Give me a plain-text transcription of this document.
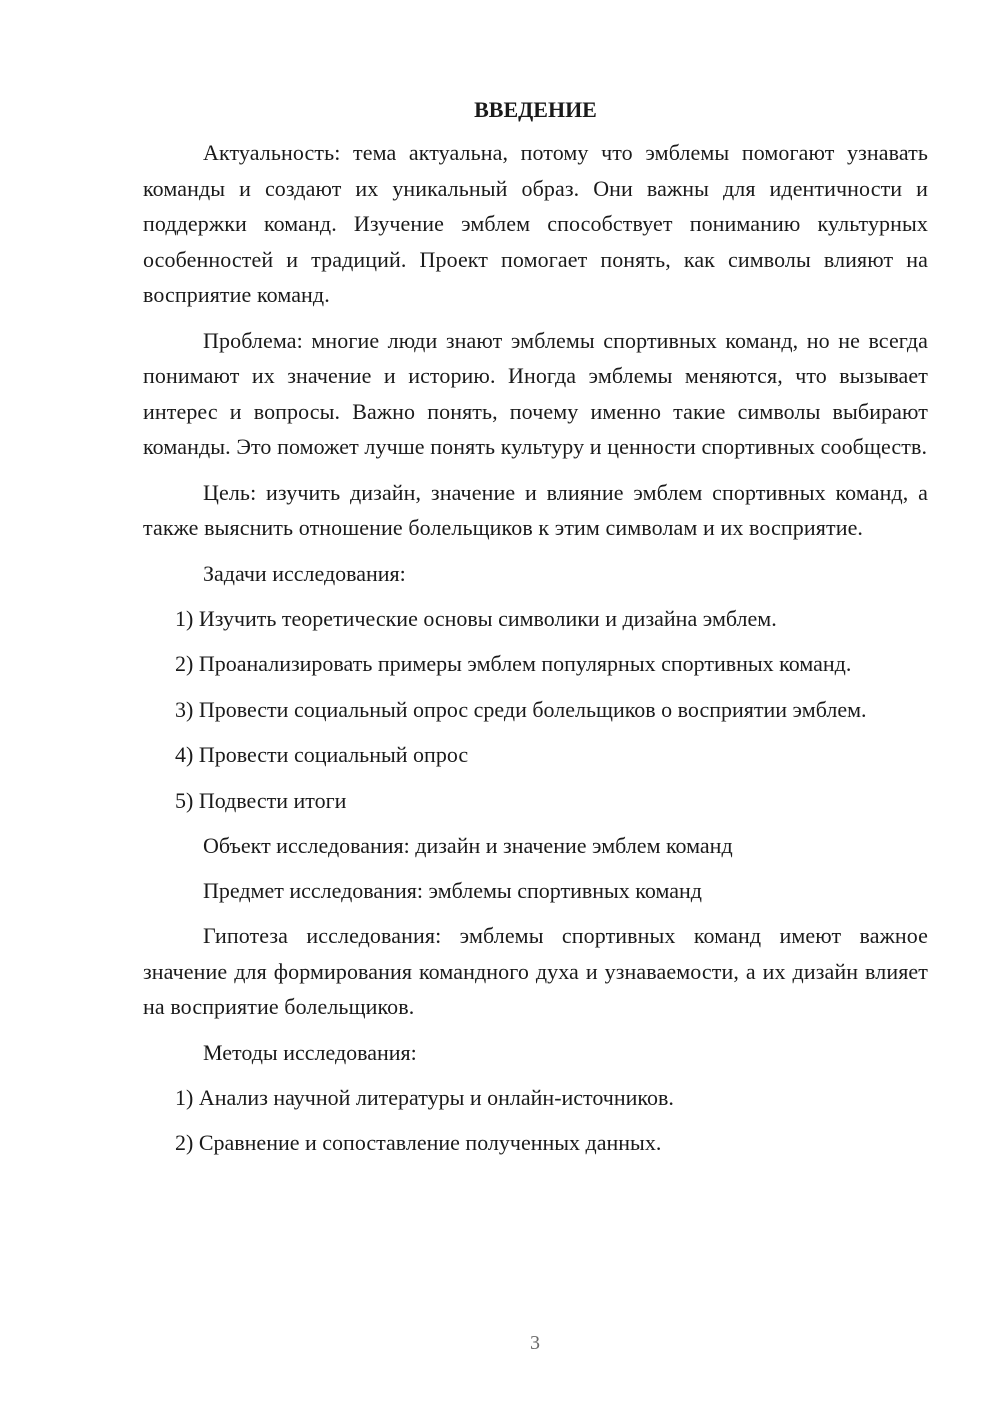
ВВЕДЕНИЕ

Актуальность: тема актуальна, потому что эмблемы помогают узнавать команды и создают их уникальный образ. Они важны для идентичности и поддержки команд. Изучение эмблем способствует пониманию культурных особенностей и традиций. Проект помогает понять, как символы влияют на восприятие команд.

Проблема: многие люди знают эмблемы спортивных команд, но не всегда понимают их значение и историю. Иногда эмблемы меняются, что вызывает интерес и вопросы. Важно понять, почему именно такие символы выбирают команды. Это поможет лучше понять культуру и ценности спортивных сообществ.

Цель: изучить дизайн, значение и влияние эмблем спортивных команд, а также выяснить отношение болельщиков к этим символам и их восприятие.

Задачи исследования:

1) Изучить теоретические основы символики и дизайна эмблем.

2) Проанализировать примеры эмблем популярных спортивных команд.

3) Провести социальный опрос среди болельщиков о восприятии эмблем.

4) Провести социальный опрос

5) Подвести итоги

Объект исследования: дизайн и значение эмблем команд

Предмет исследования: эмблемы спортивных команд

Гипотеза исследования: эмблемы спортивных команд имеют важное значение для формирования командного духа и узнаваемости, а их дизайн влияет на восприятие болельщиков.

Методы исследования:

1) Анализ научной литературы и онлайн-источников.

2) Сравнение и сопоставление полученных данных.

3
